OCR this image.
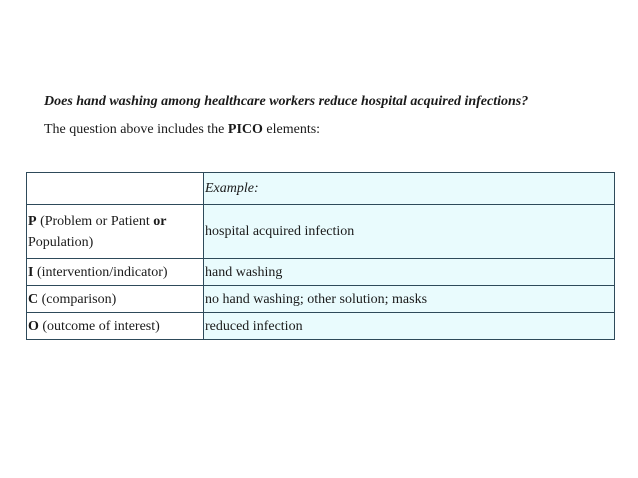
Does hand washing among healthcare workers reduce hospital acquired infections?
The question above includes the PICO elements:
	Example:
P (Problem or Patient or
Population)	hospital acquired infection
I (intervention/indicator)	hand washing
C (comparison)	no hand washing; other solution; masks
O (outcome of interest)	reduced infection
